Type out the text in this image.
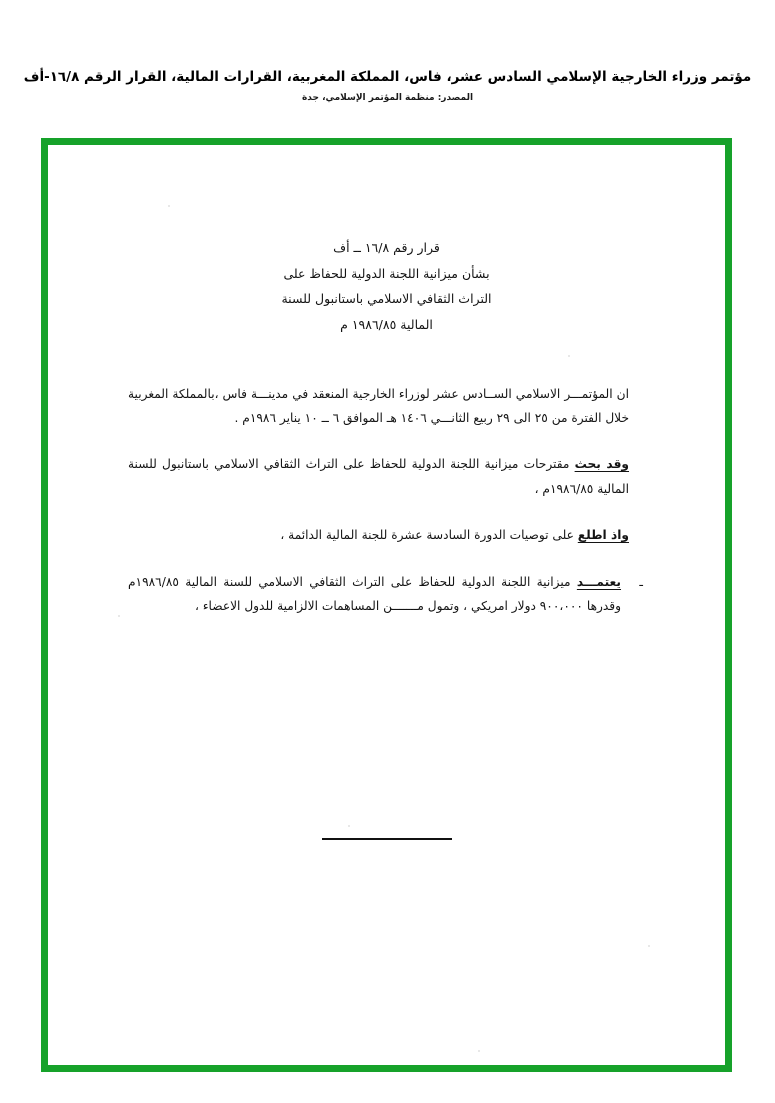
مؤتمر وزراء الخارجية الإسلامي السادس عشر، فاس، المملكة المغربية، القرارات المالية، القرار الرقم ١٦/٨-أف
المصدر: منظمة المؤتمر الإسلامي، جدة
قرار رقم ١٦/٨ ــ أف
بشأن ميزانية اللجنة الدولية للحفاظ على
التراث الثقافي الاسلامي باستانبول للسنة
المالية ١٩٨٦/٨٥ م

ان المؤتمـــر الاسلامي الســادس عشر لوزراء الخارجية المنعقد في مدينـــة فاس ،بالمملكة المغربية خلال الفترة من ٢٥ الى ٢٩ ربيع الثانـــي ١٤٠٦ هـ الموافق ٦ ــ ١٠ يناير ١٩٨٦م .

وقد بحث مقترحات ميزانية اللجنة الدولية للحفاظ على التراث الثقافي الاسلامي باستانبول للسنة المالية ١٩٨٦/٨٥م ،

واذ اطلع على توصيات الدورة السادسة عشرة للجنة المالية الدائمة ،

ـ
يعتمـــد ميزانية اللجنة الدولية للحفاظ على التراث الثقافي الاسلامي للسنة المالية ١٩٨٦/٨٥م وقدرها ٩٠٠،٠٠٠ دولار امريكي ، وتمول مـــــــن المساهمات الالزامية للدول الاعضاء ،
